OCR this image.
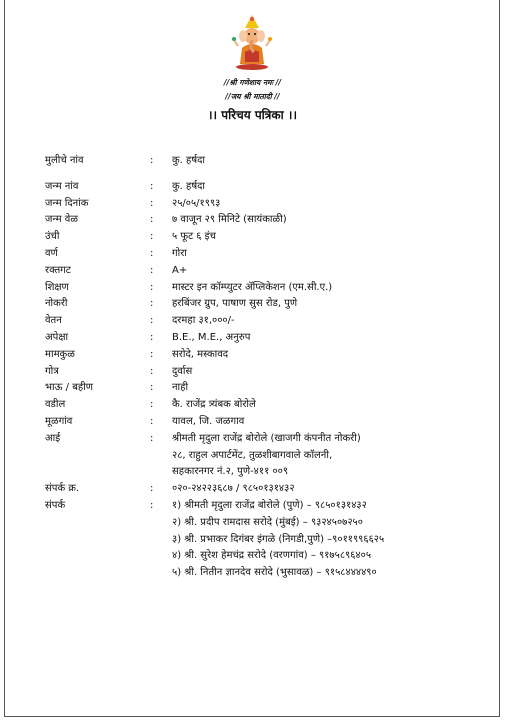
//श्री गणेशाय नमः //
//जय श्री मातादी //
।। परिचय पत्रिका ।।
मुलीचे नांव	:	कु. हर्षदा
जन्म नांव	:	कु. हर्षदा
जन्म दिनांक	:	२५/०५/१९९३
जन्म वेळ	:	७ वाजून २९ मिनिटे (सायंकाळी)
उंची	:	५ फूट ६ इंच
वर्ण	:	गोरा
रक्तगट	:	A+
शिक्षण	:	मास्टर इन कॉम्प्युटर ॲप्लिकेशन (एम.सी.ए.)
नोकरी	:	हरबिंजर ग्रुप, पाषाण सुस रोड, पुणे
वेतन	:	दरमहा ३१,०००/-
अपेक्षा	:	B.E., M.E., अनुरुप
मामकुळ	:	सरोदे, मस्कावद
गोत्र	:	दुर्वास
भाऊ / बहीण	:	नाही
वडील	:	कै. राजेंद्र त्र्यंबक बोरोले
मूळगांव	:	यावल, जि. जळगाव
आई	:	श्रीमती मृदुला राजेंद्र बोरोले (खाजगी कंपनीत नोकरी)
२८, राहुल अपार्टमेंट, तुळशीबागवाले कॉलनी,
सहकारनगर नं.२, पुणे-४११ ००९
संपर्क क्र.	:	०२०-२४२२३६८७ / ९८५०१३१४३२
संपर्क	:	१) श्रीमती मृदुला राजेंद्र बोरोले (पुणे) – ९८५०१३१४३२
२) श्री. प्रदीप रामदास सरोदे (मुंबई) – ९३२४५०७२५०
३) श्री. प्रभाकर दिगंबर इंगळे (निगडी,पुणे) –९०११९९६६२५
४) श्री. सुरेश हेमचंद्र सरोदे (वरणगांव) – ९१७५८९६४०५
५) श्री. नितीन ज्ञानदेव सरोदे (भुसावळ) – ९१५८४४४४९०
